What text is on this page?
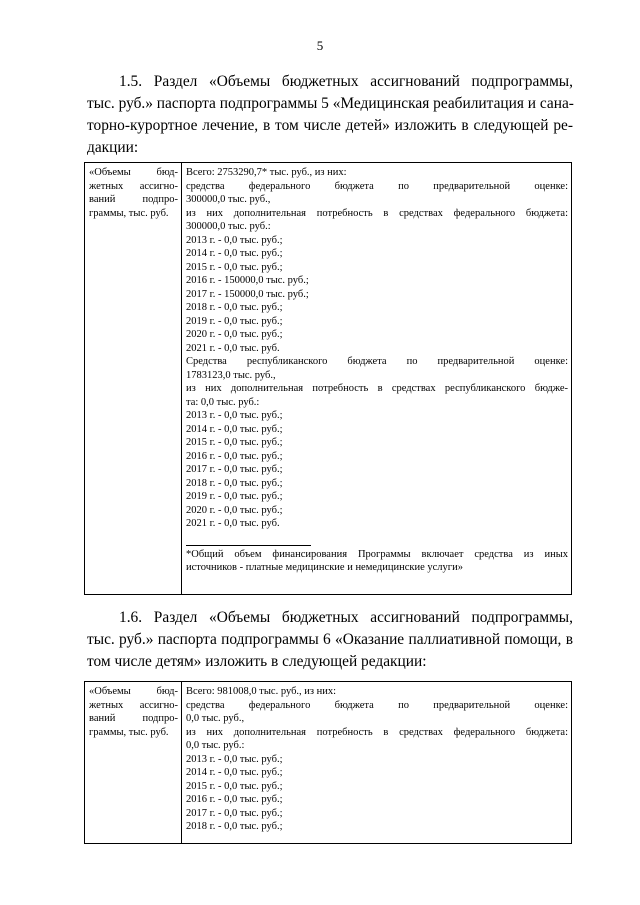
5
1.5. Раздел «Объемы бюджетных ассигнований подпрограммы,
тыс. руб.» паспорта подпрограммы 5 «Медицинская реабилитация и сана-
торно-курортное лечение, в том числе детей» изложить в следующей ре-
дакции:
«Объемы бюд-
жетных ассигно-
ваний подпро-
граммы, тыс. руб.
Всего: 2753290,7* тыс. руб., из них:
средства федерального бюджета по предварительной оценке:
300000,0 тыс. руб.,
из них дополнительная потребность в средствах федерального бюджета:
300000,0 тыс. руб.:
2013 г. - 0,0 тыс. руб.;
2014 г. - 0,0 тыс. руб.;
2015 г. - 0,0 тыс. руб.;
2016 г. - 150000,0 тыс. руб.;
2017 г. - 150000,0 тыс. руб.;
2018 г. - 0,0 тыс. руб.;
2019 г. - 0,0 тыс. руб.;
2020 г. - 0,0 тыс. руб.;
2021 г. - 0,0 тыс. руб.
Средства республиканского бюджета по предварительной оценке:
1783123,0 тыс. руб.,
из них дополнительная потребность в средствах республиканского бюдже-
та: 0,0 тыс. руб.:
2013 г. - 0,0 тыс. руб.;
2014 г. - 0,0 тыс. руб.;
2015 г. - 0,0 тыс. руб.;
2016 г. - 0,0 тыс. руб.;
2017 г. - 0,0 тыс. руб.;
2018 г. - 0,0 тыс. руб.;
2019 г. - 0,0 тыс. руб.;
2020 г. - 0,0 тыс. руб.;
2021 г. - 0,0 тыс. руб.
*Общий объем финансирования Программы включает средства из иных
источников - платные медицинские и немедицинские услуги»
1.6. Раздел «Объемы бюджетных ассигнований подпрограммы,
тыс. руб.» паспорта подпрограммы 6 «Оказание паллиативной помощи, в
том числе детям» изложить в следующей редакции:
«Объемы бюд-
жетных ассигно-
ваний подпро-
граммы, тыс. руб.
Всего: 981008,0 тыс. руб., из них:
средства федерального бюджета по предварительной оценке:
0,0 тыс. руб.,
из них дополнительная потребность в средствах федерального бюджета:
0,0 тыс. руб.:
2013 г. - 0,0 тыс. руб.;
2014 г. - 0,0 тыс. руб.;
2015 г. - 0,0 тыс. руб.;
2016 г. - 0,0 тыс. руб.;
2017 г. - 0,0 тыс. руб.;
2018 г. - 0,0 тыс. руб.;
